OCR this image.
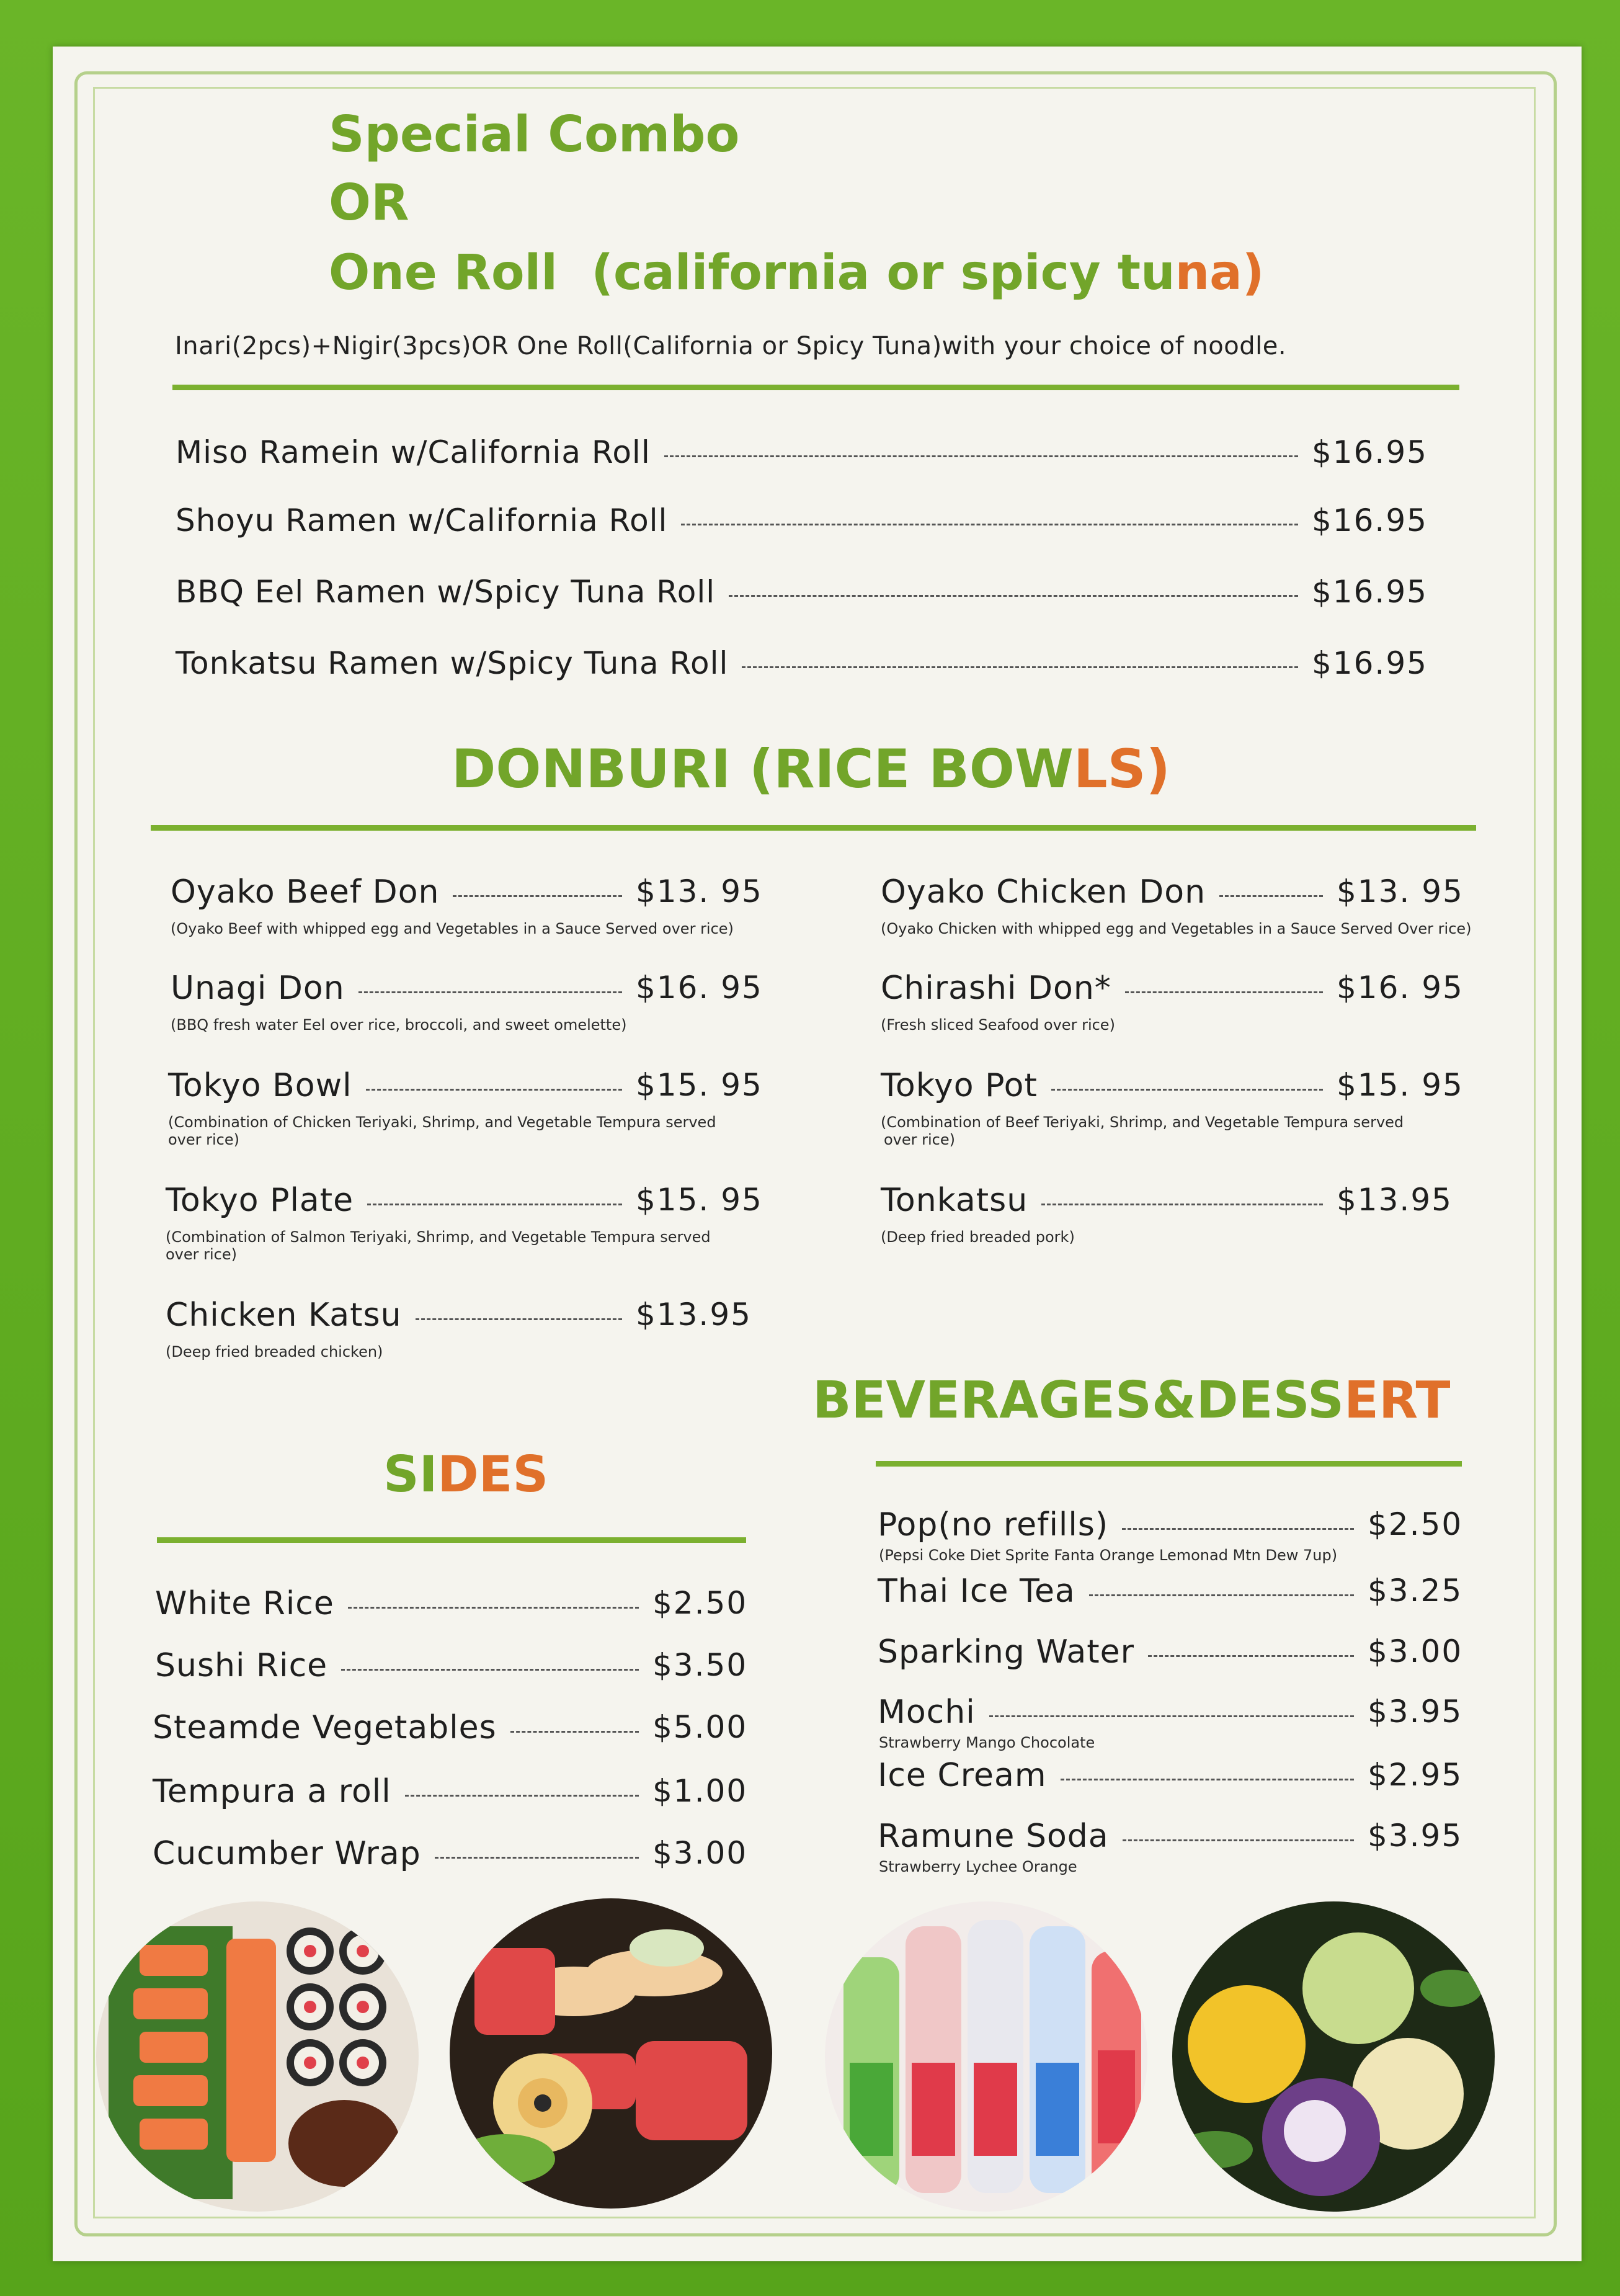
Special Combo
OR
One Roll  (california or spicy tuna)
Inari(2pcs)+Nigir(3pcs)OR One Roll(California or Spicy Tuna)with your choice of noodle.
Miso Ramein w/California Roll	$16.95
Shoyu Ramen w/California Roll	$16.95
BBQ Eel Ramen w/Spicy Tuna Roll	$16.95
Tonkatsu Ramen w/Spicy Tuna Roll	$16.95
DONBURI (RICE BOWLS)
Oyako Beef Don	$13. 95
(Oyako Beef with whipped egg and Vegetables in a Sauce Served over rice)
Unagi Don	$16. 95
(BBQ fresh water Eel over rice, broccoli, and sweet omelette)
Tokyo Bowl	$15. 95
(Combination of Chicken Teriyaki, Shrimp, and Vegetable Tempura served
over rice)
Tokyo Plate	$15. 95
(Combination of Salmon Teriyaki, Shrimp, and Vegetable Tempura served
over rice)
Chicken Katsu	$13.95
(Deep fried breaded chicken)
Oyako Chicken Don	$13. 95
(Oyako Chicken with whipped egg and Vegetables in a Sauce Served Over rice)
Chirashi Don*	$16. 95
(Fresh sliced Seafood over rice)
Tokyo Pot	$15. 95
(Combination of Beef Teriyaki, Shrimp, and Vegetable Tempura served
over rice)
Tonkatsu	$13.95
(Deep fried breaded pork)
SIDES
White Rice	$2.50
Sushi Rice	$3.50
Steamde Vegetables	$5.00
Tempura a roll	$1.00
Cucumber Wrap	$3.00
BEVERAGES&DESSERT
Pop(no refills)	$2.50
(Pepsi Coke Diet Sprite Fanta Orange Lemonad Mtn Dew 7up)
Thai Ice Tea	$3.25
Sparking Water	$3.00
Mochi	$3.95
Strawberry Mango Chocolate
Ice Cream	$2.95
Ramune Soda	$3.95
Strawberry Lychee Orange
